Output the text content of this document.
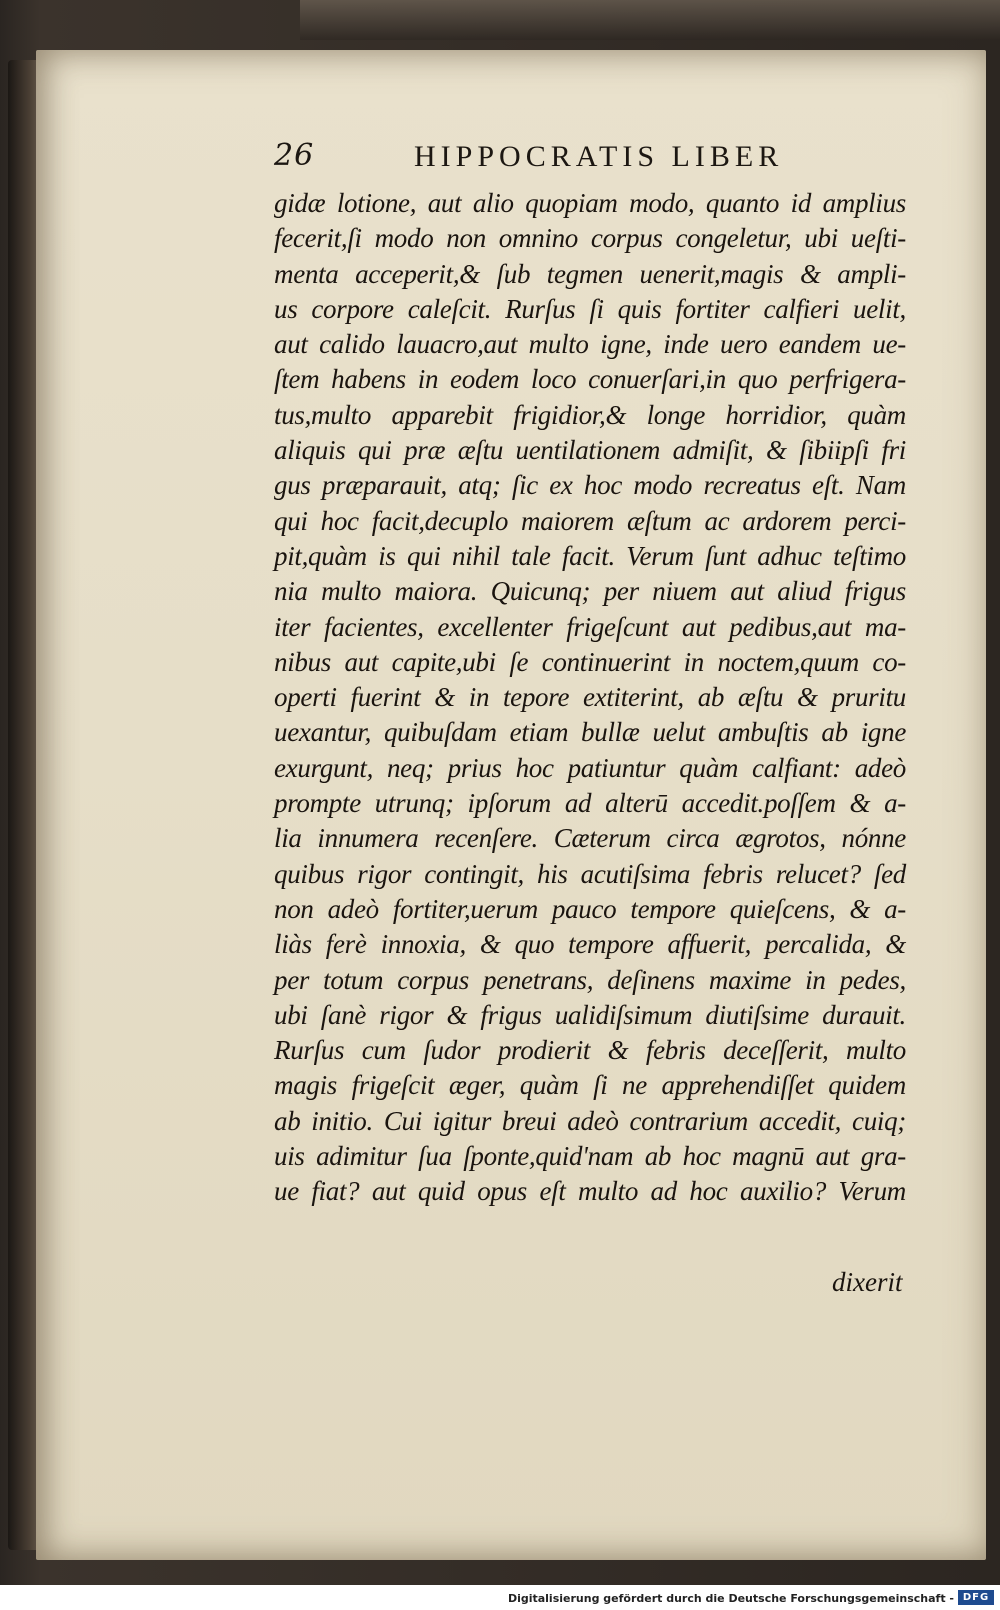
26	HIPPOCRATIS LIBER
gidæ lotione, aut alio quopiam modo, quanto id amplius
fecerit,ſi modo non omnino corpus congeletur, ubi ueſti-
menta acceperit,& ſub tegmen uenerit,magis & ampli-
us corpore caleſcit. Rurſus ſi quis fortiter calfieri uelit,
aut calido lauacro,aut multo igne, inde uero eandem ue-
ſtem habens in eodem loco conuerſari,in quo perfrigera-
tus,multo apparebit frigidior,& longe horridior, quàm
aliquis qui præ æſtu uentilationem admiſit, & ſibiipſi fri
gus præparauit, atq; ſic ex hoc modo recreatus eſt. Nam
qui hoc facit,decuplo maiorem æſtum ac ardorem perci-
pit,quàm is qui nihil tale facit. Verum ſunt adhuc teſtimo
nia multo maiora. Quicunq; per niuem aut aliud frigus
iter facientes, excellenter frigeſcunt aut pedibus,aut ma-
nibus aut capite,ubi ſe continuerint in noctem,quum co-
operti fuerint & in tepore extiterint, ab æſtu & pruritu
uexantur, quibuſdam etiam bullæ uelut ambuſtis ab igne
exurgunt, neq; prius hoc patiuntur quàm calfiant: adeò
prompte utrunq; ipſorum ad alterū accedit.poſſem & a-
lia innumera recenſere. Cæterum circa ægrotos, nónne
quibus rigor contingit, his acutiſsima febris relucet? ſed
non adeò fortiter,uerum pauco tempore quieſcens, & a-
liàs ferè innoxia, & quo tempore affuerit, percalida, &
per totum corpus penetrans, deſinens maxime in pedes,
ubi ſanè rigor & frigus ualidiſsimum diutiſsime durauit.
Rurſus cum ſudor prodierit & febris deceſſerit, multo
magis frigeſcit æger, quàm ſi ne apprehendiſſet quidem
ab initio. Cui igitur breui adeò contrarium accedit, cuiq;
uis adimitur ſua ſponte,quid'nam ab hoc magnū aut gra-
ue fiat? aut quid opus eſt multo ad hoc auxilio? Verum
dixerit
Digitalisierung gefördert durch die Deutsche Forschungsgemeinschaft - DFG
